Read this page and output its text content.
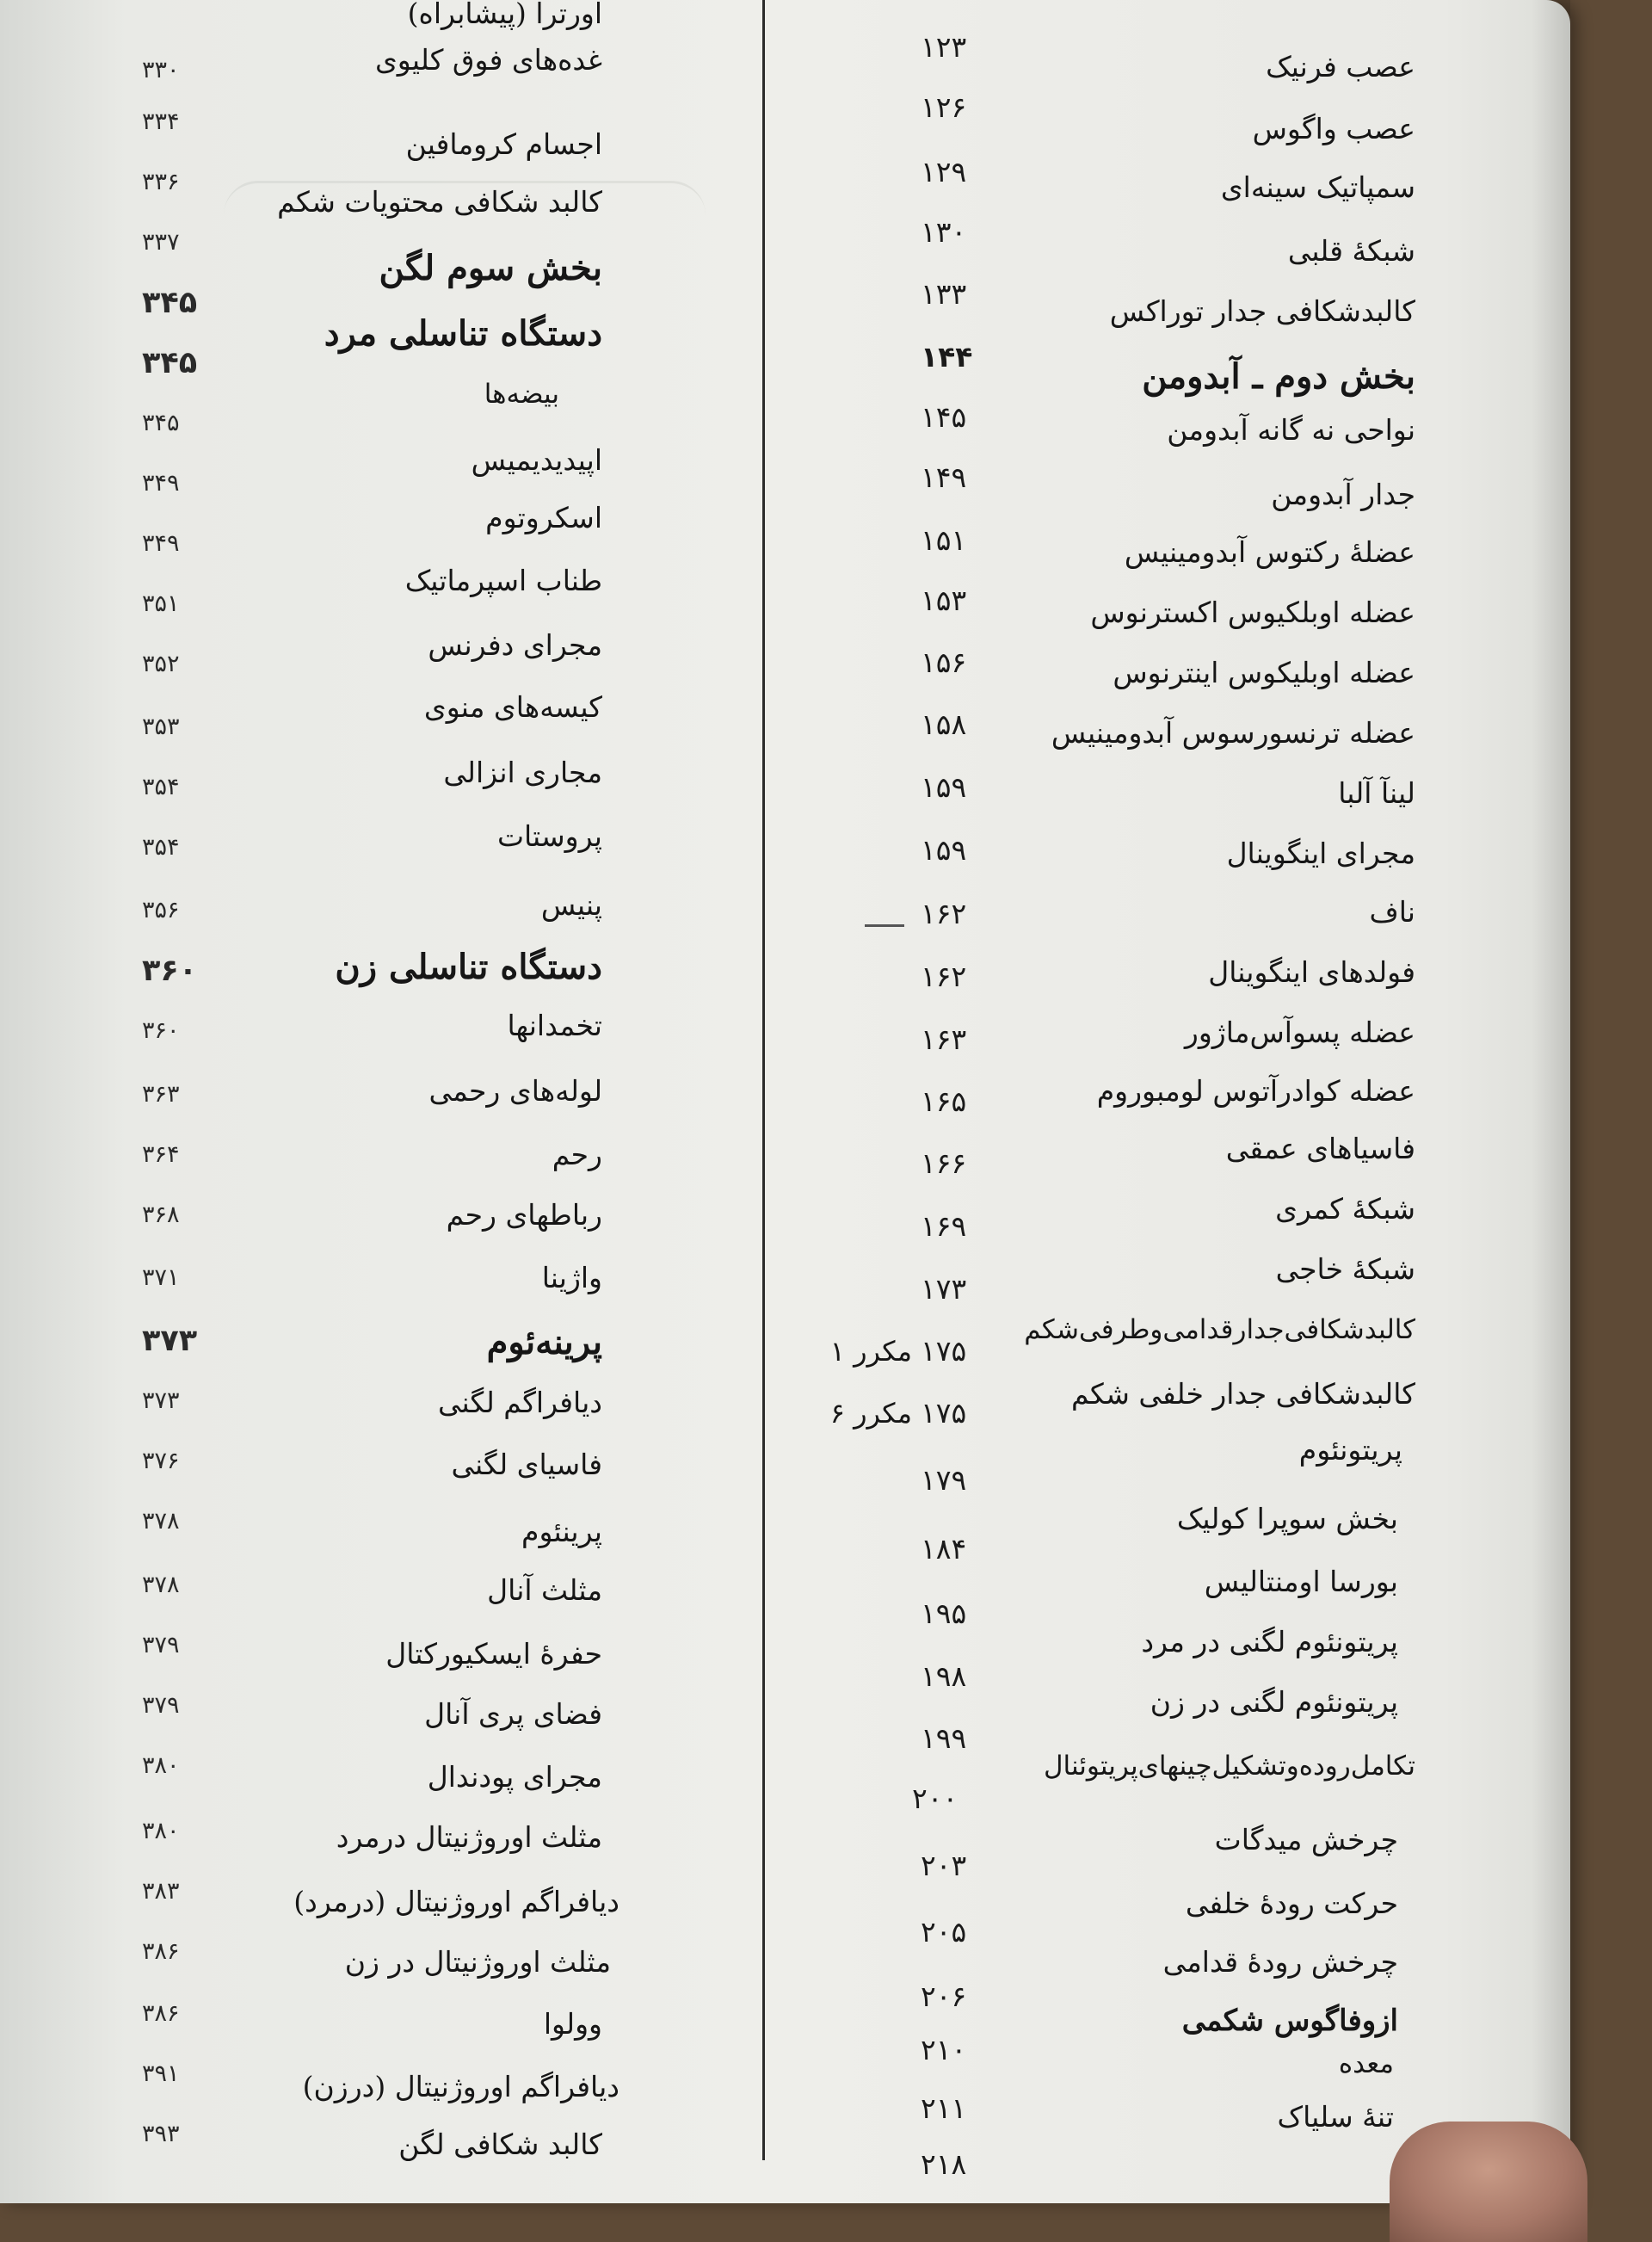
اورترا (پیشابراه)
غده‌های فوق کلیوی
۳۳۰
اجسام کرومافین
۳۳۴
کالبد شکافی محتویات شکم
۳۳۶
بخش سوم لگن
۳۳۷
دستگاه تناسلی مرد
۳۴۵
بیضه‌ها
۳۴۵
اپیدیدیمیس
۳۴۵
اسکروتوم
۳۴۹
طناب اسپرماتیک
۳۴۹
مجرای دفرنس
۳۵۱
کیسه‌های منوی
۳۵۲
مجاری انزالی
۳۵۳
پروستات
۳۵۴
پنیس
۳۵۴
دستگاه تناسلی زن
۳۵۶
تخمدانها
۳۶۰
لوله‌های رحمی
۳۶۰
رحم
۳۶۳
رباطهای رحم
۳۶۴
واژینا
۳۶۸
پرینه‌ئوم
۳۷۱
دیافراگم لگنی
۳۷۳
فاسیای لگنی
۳۷۳
پرینئوم
۳۷۶
مثلث آنال
۳۷۸
حفرهٔ ایسکیورکتال
۳۷۸
فضای پری آنال
۳۷۹
مجرای پودندال
۳۷۹
مثلث اوروژنیتال درمرد
۳۸۰
دیافراگم اوروژنیتال (درمرد)
۳۸۰
مثلث اوروژنیتال در زن
۳۸۳
وولوا
۳۸۶
دیافراگم اوروژنیتال (درزن)
۳۸۶
کالبد شکافی لگن
۳۹۱
۳۹۳
عصب فرنیک
۱۲۳
عصب واگوس
۱۲۶
سمپاتیک سینه‌ای
۱۲۹
شبکهٔ قلبی
۱۳۰
کالبدشکافی جدار توراکس
۱۳۳
بخش دوم ـ آبدومن
۱۴۴
نواحی نه گانه آبدومن
۱۴۵
جدار آبدومن
۱۴۹
عضلهٔ رکتوس آبدومینیس
۱۵۱
عضله اوبلکیوس اکسترنوس
۱۵۳
عضله اوبلیکوس اینترنوس
۱۵۶
عضله ترنسورسوس آبدومینیس
۱۵۸
لینآ آلبا
۱۵۹
مجرای اینگوینال
۱۵۹
ناف
۱۶۲
فولدهای اینگوینال
۱۶۲
عضله پسوآس‌ماژور
۱۶۳
عضله کوادرآتوس لومبوروم
۱۶۵
فاسیاهای عمقی
۱۶۶
شبکهٔ کمری
۱۶۹
شبکهٔ خاجی
۱۷۳
کالبدشکافی‌جدارقدامی‌وطرفی‌شکم
۱۷۵
مکرر ۱
کالبدشکافی جدار خلفی شکم
۱۷۵
مکرر ۶
پریتونئوم
۱۷۹
بخش سوپرا کولیک
۱۸۴
بورسا اومنتالیس
۱۹۵
پریتونئوم لگنی در مرد
۱۹۸
پریتونئوم لگنی در زن
۱۹۹
تکامل‌روده‌وتشکیل‌چینهای‌پریتوئنال
۲۰۰
چرخش میدگات
۲۰۳
حرکت رودهٔ خلفی
۲۰۵
چرخش رودهٔ قدامی
۲۰۶
ازوفاگوس شکمی
۲۱۰	معده
۲۱۱	تنهٔ سلیاک
۲۱۸
